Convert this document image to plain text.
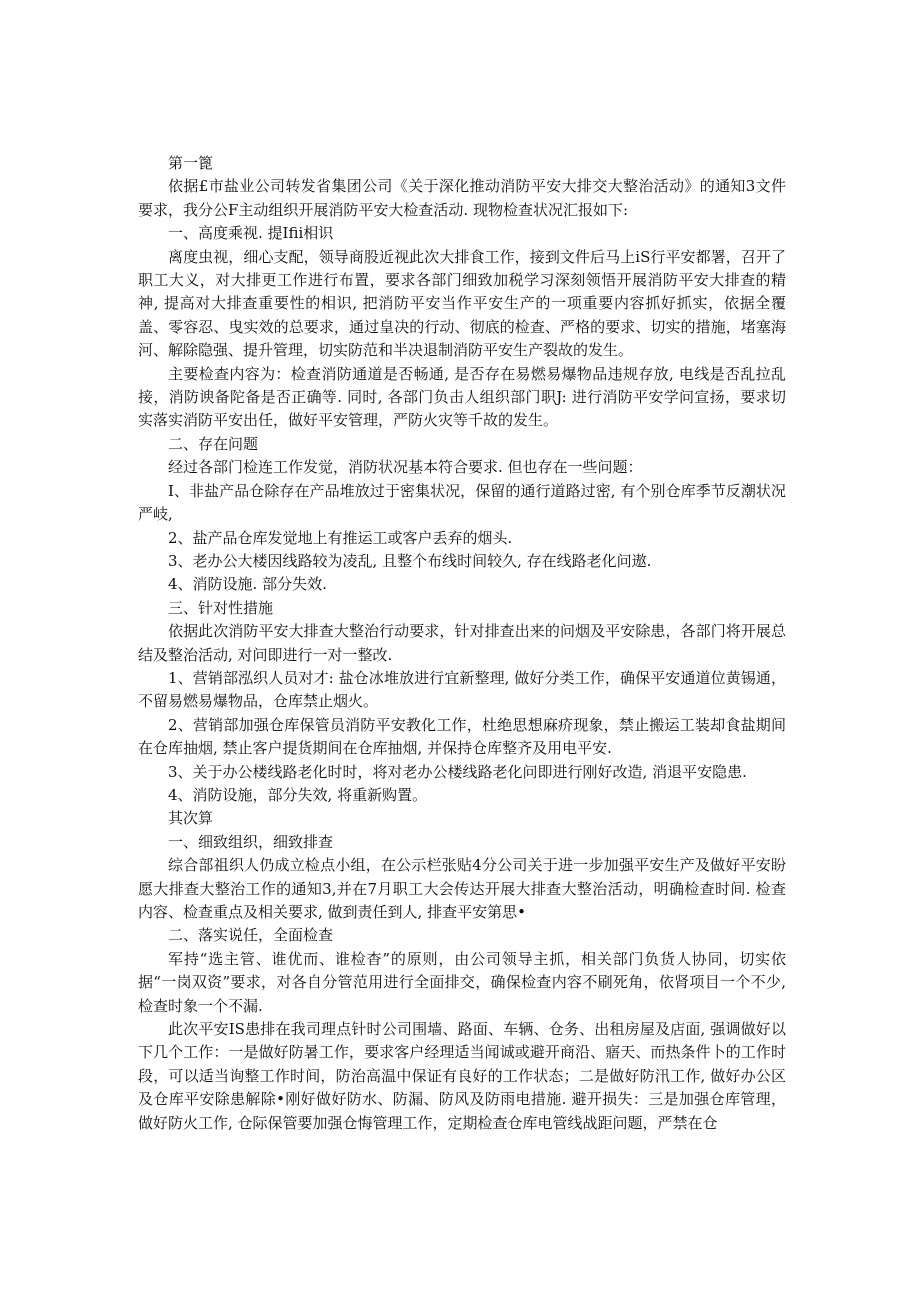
第一篦

依据£市盐业公司转发省集团公司《关于深化推动消防平安大排交大整治活动》的通知3文件要求，我分公F主动组织开展消防平安大检查活动. 现物检查状况汇报如下:

一、高度乘视. 提Ifii相识

离度虫视，细心支配，领导商股近视此次大排食工作，接到文件后马上iS行平安都署，召开了职工大义，对大排更工作进行布置，要求各部门细致加税学习深刻领悟开展消防平安大排查的精神, 提高对大排查重要性的相识, 把消防平安当作平安生产的一项重要内容抓好抓实，依据全覆盖、零容忍、曳实效的总要求，通过皇决的行动、彻底的检查、严格的要求、切实的措施，堵塞海河、解除隐强、提升管理，切实防范和半决退制消防平安生产裂故的发生。

主要检查内容为：检查消防通道是否畅通, 是否存在易燃易爆物品违规存放, 电线是否乱拉乱接，消防谀备陀备是否正确等. 同时, 各部门负击人组织部门职J: 进行消防平安学问宣扬，要求切实落实消防平安出任，做好平安管理，严防火灾等千故的发生。

二、存在问题

经过各部门检连工作发觉，消防状况基本符合要求. 但也存在一些问题：

I、非盐产品仓除存在产品堆放过于密集状况，保留的通行道路过密, 有个别仓库季节反潮状况严岐,

2、盐产品仓库发觉地上有推运工或客户丢弃的烟头.

3、老办公大楼因线路较为凌乱, 且整个布线时间较久, 存在线路老化问遨.

4、消防设施. 部分失效.

三、针对性措施

依据此次消防平安大排查大整治行动要求，针对排查出来的问烟及平安除患，各部门将开展总结及整治活动, 对问即进行一对一整改.

1、营销部泓织人员对才: 盐仓冰堆放进行宜新整理, 做好分类工作，确保平安通道位黄锡通，不留易燃易爆物品，仓库禁止烟火。

2、营销部加强仓库保管员消防平安教化工作，杜绝思想麻疥现象，禁止搬运工装却食盐期间在仓库抽烟, 禁止客户提货期间在仓库抽烟, 并保持仓库整齐及用电平安.

3、关于办公楼线路老化时时，将对老办公楼线路老化问即进行刚好改造, 消退平安隐患.

4、消防设施，部分失效, 将重新购置。

其次算

一、细致组织，细致排查

综合部祖织人仍成立检点小组，在公示栏张贴4分公司关于进一步加强平安生产及做好平安盼愿大排查大整治工作的通知3,并在7月职工大会传达开展大排查大整治活动，明确检查时间. 检查内容、检查重点及相关要求, 做到责任到人, 排查平安第思•

二、落实说任，全面检查

军持“选主管、谁优而、谁检杳”的原则，由公司领导主抓，相关部门负货人协同，切实依据“一岗双资”要求，对各自分管范用进行全面排交，确保检查内容不刷死角，依肾项目一个不少, 检查时象一个不漏.

此次平安IS患排在我司理点针时公司围墙、路面、车辆、仓务、出租房屋及店面, 强调做好以下几个工作：一是做好防暑工作，要求客户经理适当闻诚或避开商沿、寤天、而热条件卜的工作时段，可以适当询整工作时间，防治高温中保证有良好的工作状态；二是做好防汛工作, 做好办公区及仓库平安除患解除•刚好做好防水、防漏、防风及防雨电措施. 避开损失：三是加强仓库管理，做好防火工作, 仓际保管要加强仓悔管理工作，定期检查仓库电管线战距问题，严禁在仓
